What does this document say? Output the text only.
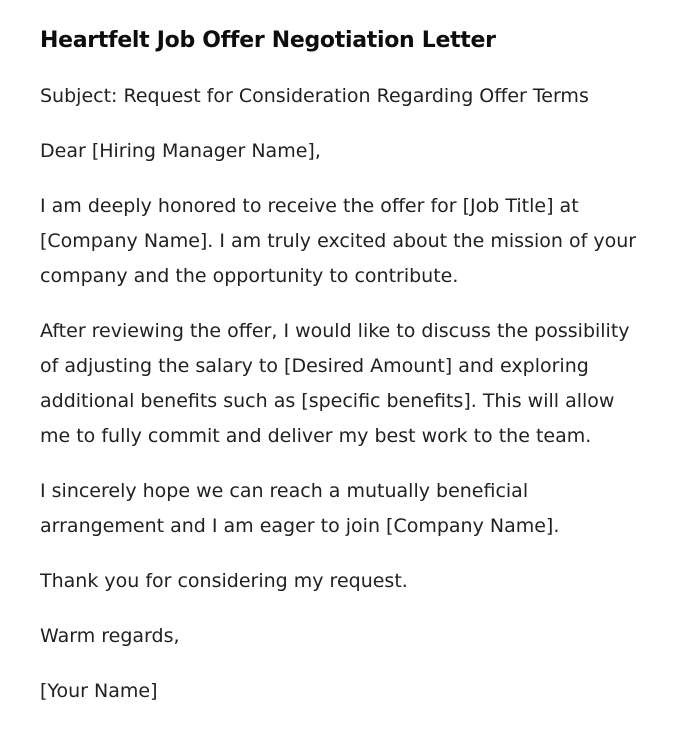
Heartfelt Job Offer Negotiation Letter

Subject: Request for Consideration Regarding Offer Terms

Dear [Hiring Manager Name],

I am deeply honored to receive the offer for [Job Title] at [Company Name]. I am truly excited about the mission of your company and the opportunity to contribute.

After reviewing the offer, I would like to discuss the possibility of adjusting the salary to [Desired Amount] and exploring additional benefits such as [specific benefits]. This will allow me to fully commit and deliver my best work to the team.

I sincerely hope we can reach a mutually beneficial arrangement and I am eager to join [Company Name].

Thank you for considering my request.

Warm regards,

[Your Name]
